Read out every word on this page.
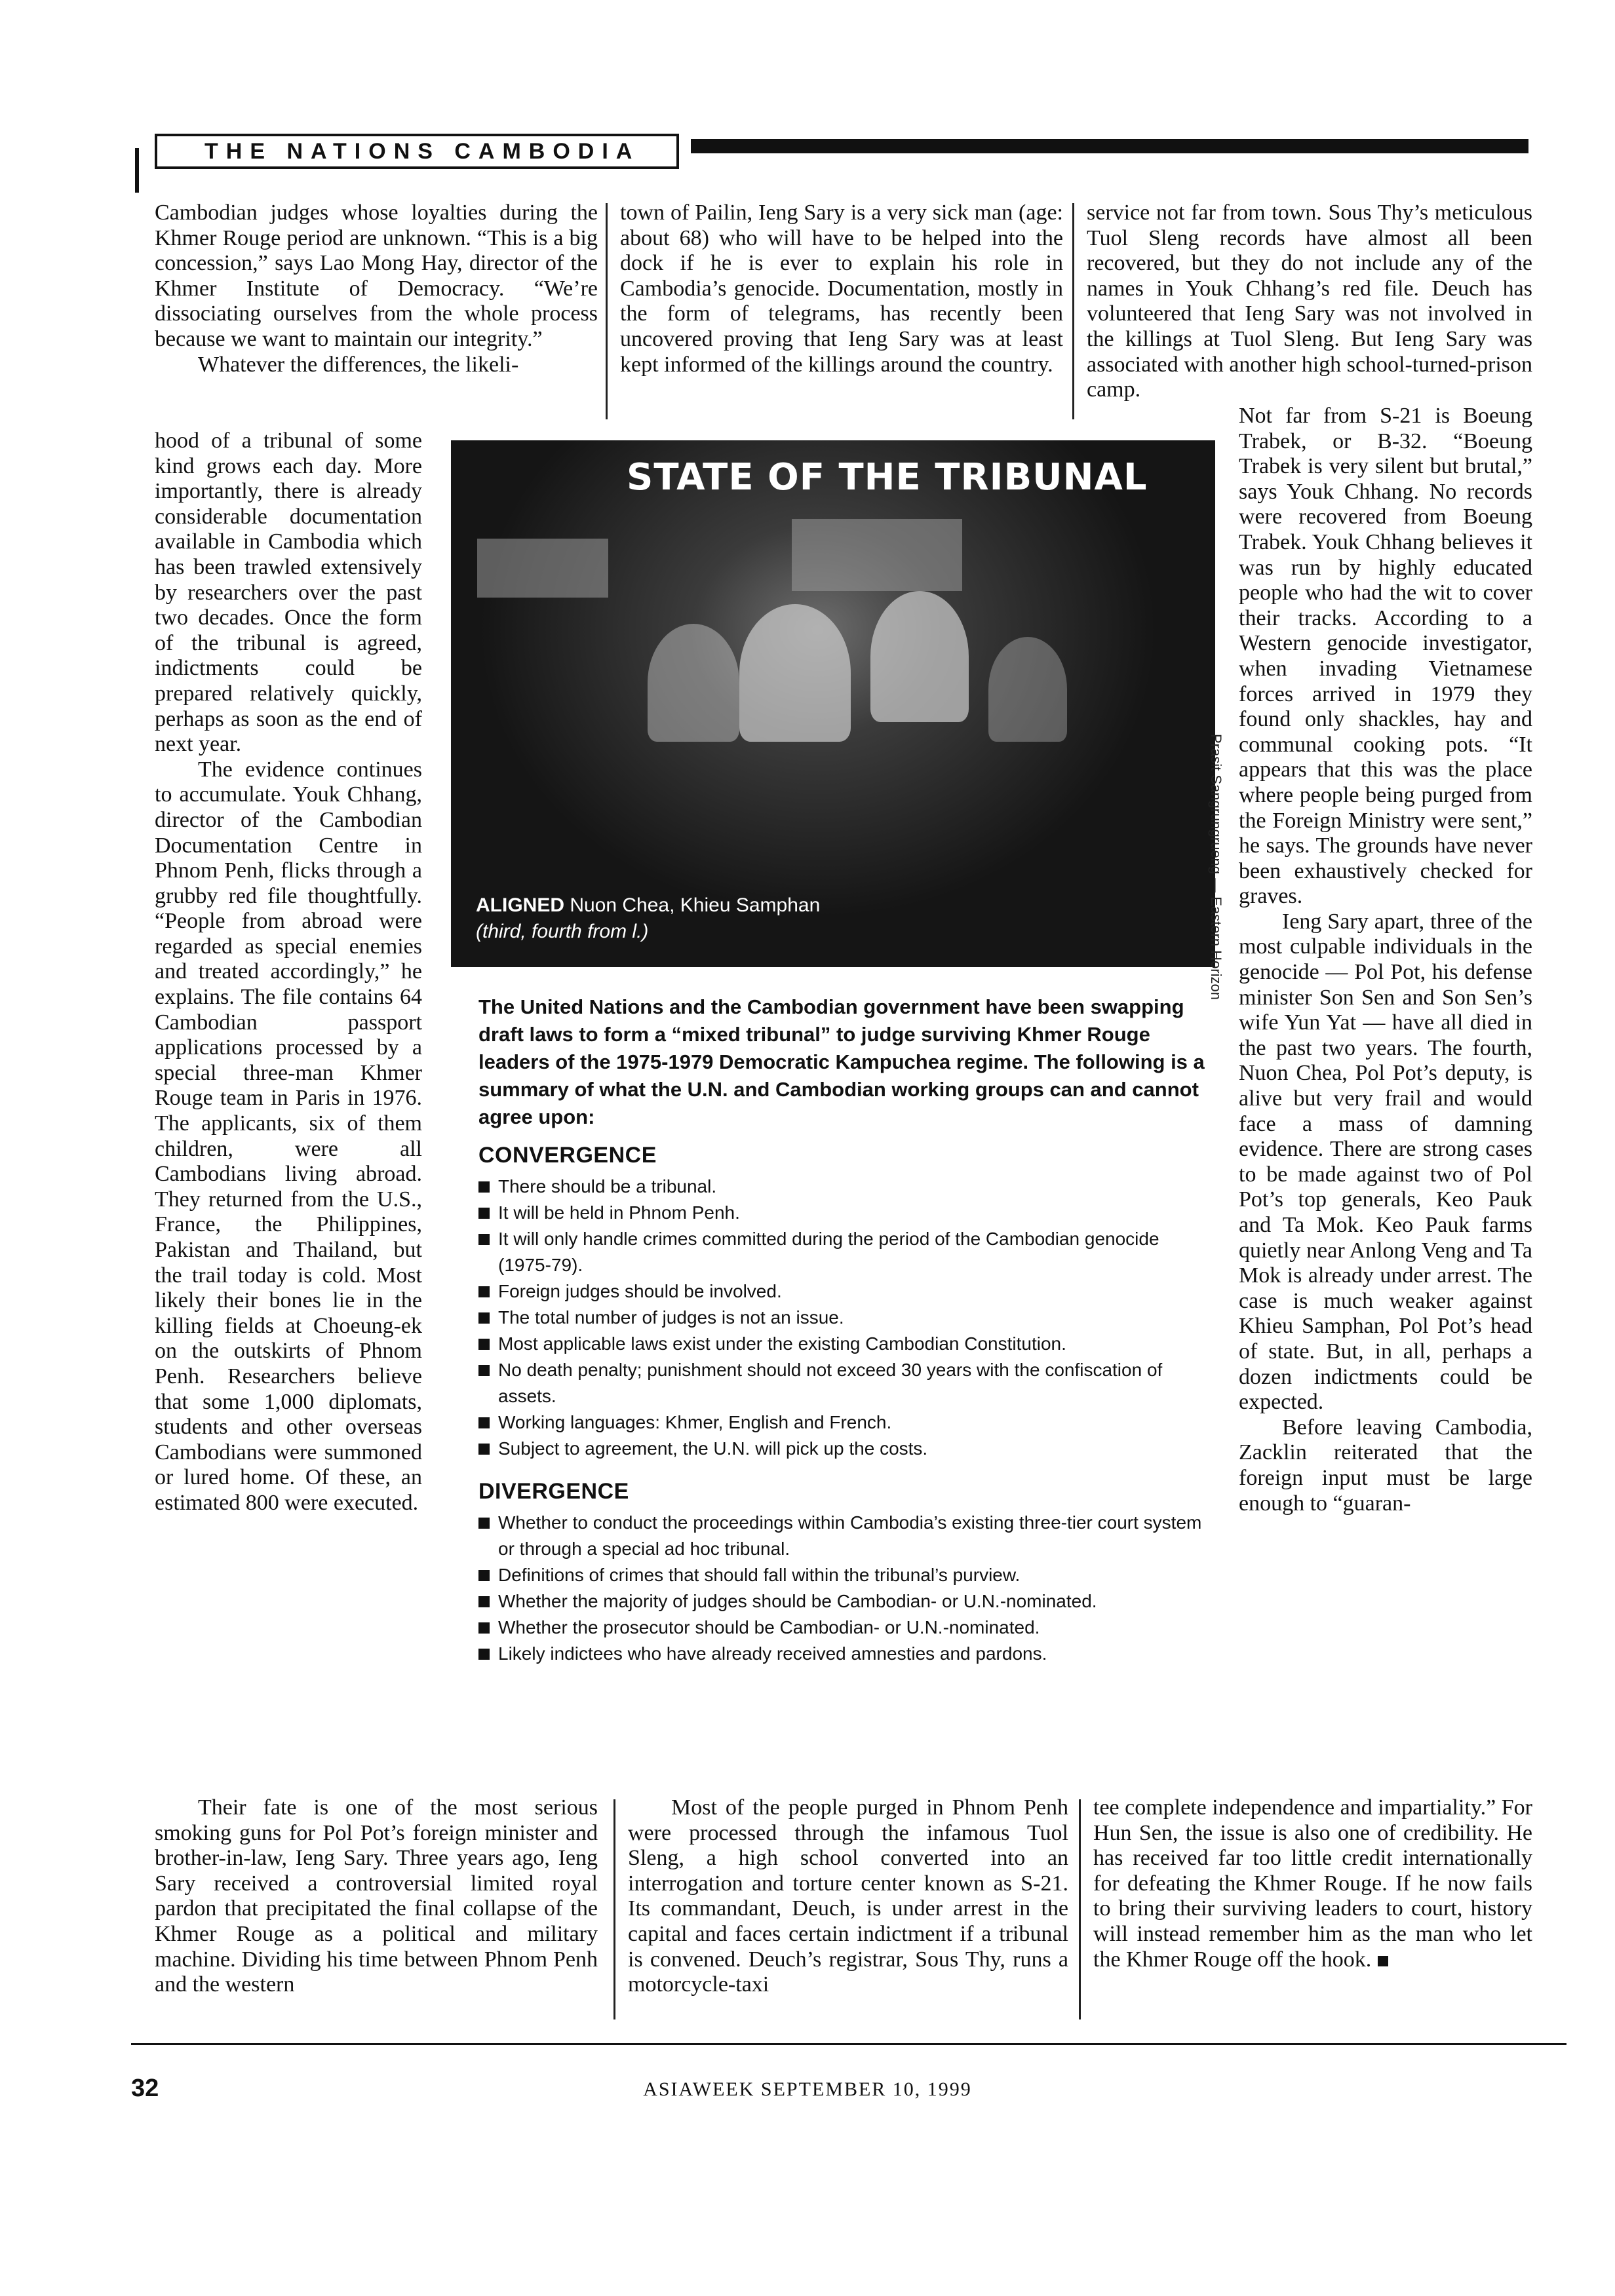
THE NATIONS CAMBODIA

Cambodian judges whose loyalties during the Khmer Rouge period are unknown. “This is a big concession,” says Lao Mong Hay, director of the Khmer Institute of Democracy. “We’re dissociating ourselves from the whole process because we want to maintain our integrity.”

Whatever the differences, the likeli-

town of Pailin, Ieng Sary is a very sick man (age: about 68) who will have to be helped into the dock if he is ever to explain his role in Cambodia’s genocide. Documentation, mostly in the form of telegrams, has recently been uncovered proving that Ieng Sary was at least kept informed of the killings around the country.

service not far from town. Sous Thy’s meticulous Tuol Sleng records have almost all been recovered, but they do not include any of the names in Youk Chhang’s red file. Deuch has volunteered that Ieng Sary was not involved in the killings at Tuol Sleng. But Ieng Sary was associated with another high school-turned-prison camp.

hood of a tribunal of some kind grows each day. More importantly, there is already considerable documentation available in Cambodia which has been trawled extensively by researchers over the past two decades. Once the form of the tribunal is agreed, indictments could be prepared relatively quickly, perhaps as soon as the end of next year.

The evidence continues to accumulate. Youk Chhang, director of the Cambodian Documentation Centre in Phnom Penh, flicks through a grubby red file thoughtfully. “People from abroad were regarded as special enemies and treated accordingly,” he explains. The file contains 64 Cambodian passport applications processed by a special three-man Khmer Rouge team in Paris in 1976. The applicants, six of them children, were all Cambodians living abroad. They returned from the U.S., France, the Philippines, Pakistan and Thailand, but the trail today is cold. Most likely their bones lie in the killing fields at Choeung-ek on the outskirts of Phnom Penh. Researchers believe that some 1,000 diplomats, students and other overseas Cambodians were summoned or lured home. Of these, an estimated 800 were executed.

Not far from S-21 is Boeung Trabek, or B-32. “Boeung Trabek is very silent but brutal,” says Youk Chhang. No records were recovered from Boeung Trabek. Youk Chhang believes it was run by highly educated people who had the wit to cover their tracks. According to a Western genocide investigator, when invading Vietnamese forces arrived in 1979 they found only shackles, hay and communal cooking pots. “It appears that this was the place where people being purged from the Foreign Ministry were sent,” he says. The grounds have never been exhaustively checked for graves.

Ieng Sary apart, three of the most culpable individuals in the genocide — Pol Pot, his defense minister Son Sen and Son Sen’s wife Yun Yat — have all died in the past two years. The fourth, Nuon Chea, Pol Pot’s deputy, is alive but very frail and would face a mass of damning evidence. There are strong cases to be made against two of Pol Pot’s top generals, Keo Pauk and Ta Mok. Keo Pauk farms quietly near Anlong Veng and Ta Mok is already under arrest. The case is much weaker against Khieu Samphan, Pol Pot’s head of state. But, in all, perhaps a dozen indictments could be expected.

Before leaving Cambodia, Zacklin reiterated that the foreign input must be large enough to “guaran-

STATE OF THE TRIBUNAL
ALIGNED Nuon Chea, Khieu Samphan
(third, fourth from l.)	Prasit Sangrungrueng — Eastern Horizon

The United Nations and the Cambodian government have been swapping draft laws to form a “mixed tribunal” to judge surviving Khmer Rouge leaders of the 1975-1979 Democratic Kampuchea regime. The following is a summary of what the U.N. and Cambodian working groups can and cannot agree upon:

CONVERGENCE
There should be a tribunal.
It will be held in Phnom Penh.
It will only handle crimes committed during the period of the Cambodian genocide (1975-79).
Foreign judges should be involved.
The total number of judges is not an issue.
Most applicable laws exist under the existing Cambodian Constitution.
No death penalty; punishment should not exceed 30 years with the confiscation of assets.
Working languages: Khmer, English and French.
Subject to agreement, the U.N. will pick up the costs.
DIVERGENCE
Whether to conduct the proceedings within Cambodia’s existing three-tier court system or through a special ad hoc tribunal.
Definitions of crimes that should fall within the tribunal’s purview.
Whether the majority of judges should be Cambodian- or U.N.-nominated.
Whether the prosecutor should be Cambodian- or U.N.-nominated.
Likely indictees who have already received amnesties and pardons.

Their fate is one of the most serious smoking guns for Pol Pot’s foreign minister and brother-in-law, Ieng Sary. Three years ago, Ieng Sary received a controversial limited royal pardon that precipitated the final collapse of the Khmer Rouge as a political and military machine. Dividing his time between Phnom Penh and the western

Most of the people purged in Phnom Penh were processed through the infamous Tuol Sleng, a high school converted into an interrogation and torture center known as S-21. Its commandant, Deuch, is under arrest in the capital and faces certain indictment if a tribunal is convened. Deuch’s registrar, Sous Thy, runs a motorcycle-taxi

tee complete independence and impartiality.” For Hun Sen, the issue is also one of credibility. He has received far too little credit internationally for defeating the Khmer Rouge. If he now fails to bring their surviving leaders to court, history will instead remember him as the man who let the Khmer Rouge off the hook.

32	ASIAWEEK SEPTEMBER 10, 1999
